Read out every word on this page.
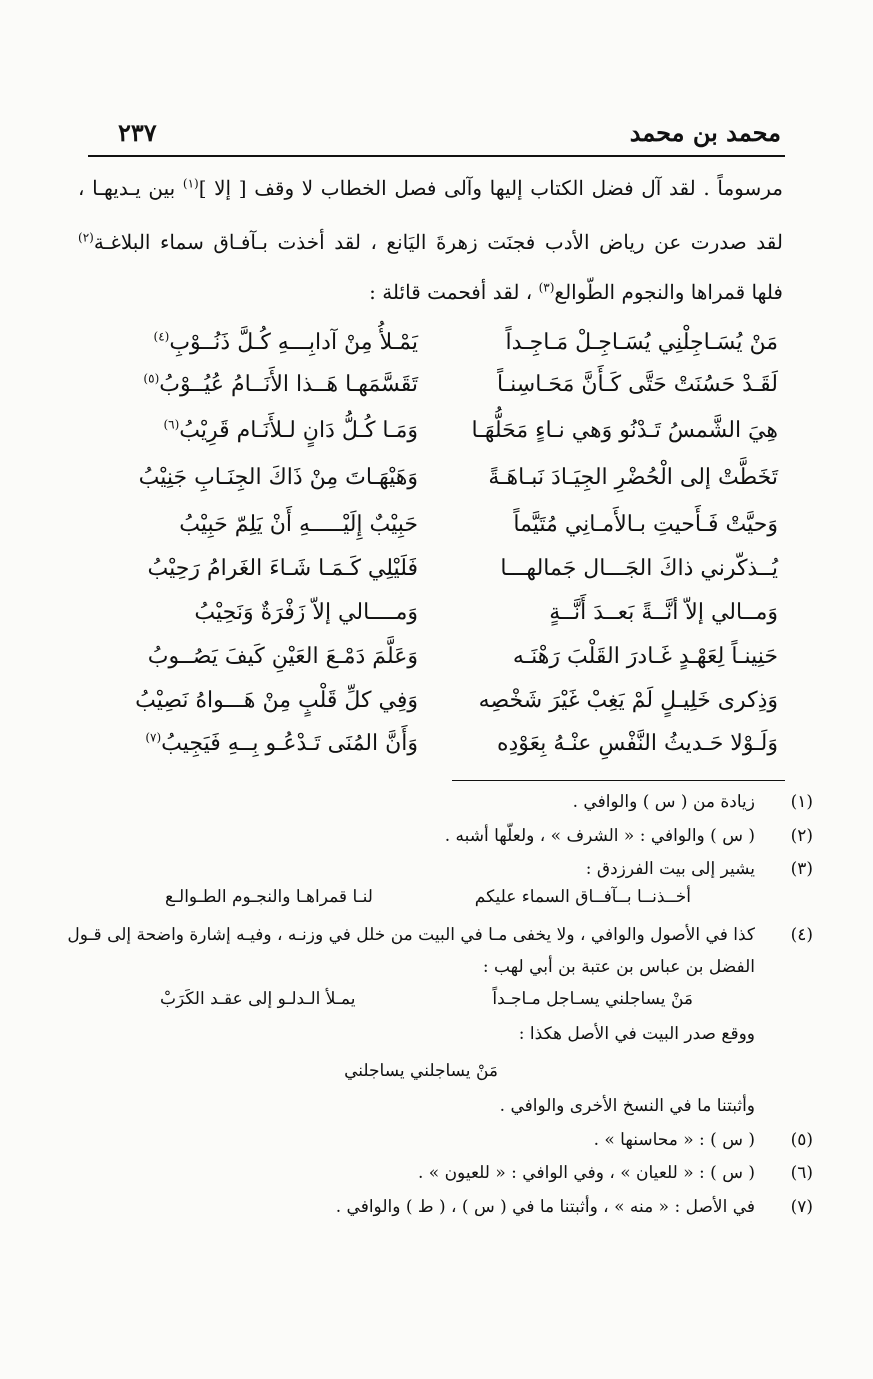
محمد بن محمد
٢٣٧
مرسوماً . لقد آل فضل الكتاب إليها وآلى فصل الخطاب لا وقف [ إلا ]$^{(١)}$ بين يـديهـا ،
لقد صدرت عن رياض الأدب فجنَت زهرةَ اليَانع ، لقد أخذت بـآفـاق سماء البلاغـة$^{(٢)}$
فلها قمراها والنجوم الطّوالع$^{(٣)}$ ، لقد أفحمت قائلة :
مَنْ يُسَـاجِلْنِي يُسَـاجِـلْ مَـاجِـداً
يَمْـلأُ مِنْ آدابِـــهِ كُـلَّ ذَنُــوْبِ$^{(٤)}$
لَقَـدْ حَسُنَتْ حَتَّى كَـأَنَّ مَحَـاسِنـاً
تَقَسَّمَهـا هَــذا الأَنَــامُ عُيُــوْبُ$^{(٥)}$
هِيَ الشَّمسُ تَـدْنُو وَهي نـاءٍ مَحَلُّهَـا
وَمَـا كُـلُّ دَانٍ لـلأَنَـام قَرِيْبُ$^{(٦)}$
تَخَطَّتْ إلى الْحُضْرِ الجِيَـادَ نَبـاهَـةً
وَهَيْهَـاتَ مِنْ ذَاكَ الجِنَـابِ جَنِيْبُ
وَحيَّتْ فَـأَحيتِ بـالأَمـانِي مُتَيَّماً
حَبِيْبٌ إِلَيْـــــهِ أَنْ يَلِمّ حَبِيْبُ
يُــذكّرني ذاكَ الجَـــال جَمالهـــا
فَلَيْلِي كَـمَـا شَـاءَ الغَرامُ رَحِيْبُ
وَمــالي إلاّ أنَّــةً بَعــدَ أَنَّــةٍ
وَمــــالي إلاّ زَفْرَةٌ وَنَحِيْبُ
حَنِينـاً لِعَهْـدٍ غَـادرَ القَلْبَ رَهْنَـه
وَعَلَّمَ دَمْـعَ العَيْنِ كَيفَ يَصُــوبُ
وَذِكرى خَلِيـلٍ لَمْ يَغِبْ غَيْرَ شَخْصِه
وَفِي كلِّ قَلْبٍ مِنْ هَـــواهُ نَصِيْبُ
وَلَـوْلا حَـديثُ النَّفْسِ عنْـهُ بِعَوْدِه
وَأَنَّ المُنَى تَـدْعُـو بِــهِ فَيَجِيبُ$^{(٧)}$
(١)
زيادة من ( س ) والوافي .
(٢)
( س ) والوافي : « الشرف » ، ولعلّها أشبه .
(٣)
يشير إلى بيت الفرزدق :
أخــذنــا بــآفــاق السماء عليكم
لنـا قمراهـا والنجـوم الطـوالـع
(٤)
كذا في الأصول والوافي ، ولا يخفى مـا في البيت من خلل في وزنـه ، وفيـه إشارة واضحة إلى قـول
الفضل بن عباس بن عتبة بن أبي لهب :
مَنْ يساجلني يسـاجل مـاجـداً
يمـلأ الـدلـو إلى عقـد الكَرَبْ
ووقع صدر البيت في الأصل هكذا :
مَنْ يساجلني يساجلني
وأثبتنا ما في النسخ الأخرى والوافي .
(٥)
( س ) : « محاسنها » .
(٦)
( س ) : « للعيان » ، وفي الوافي : « للعيون » .
(٧)
في الأصل : « منه » ، وأثبتنا ما في ( س ) ، ( ط ) والوافي .
